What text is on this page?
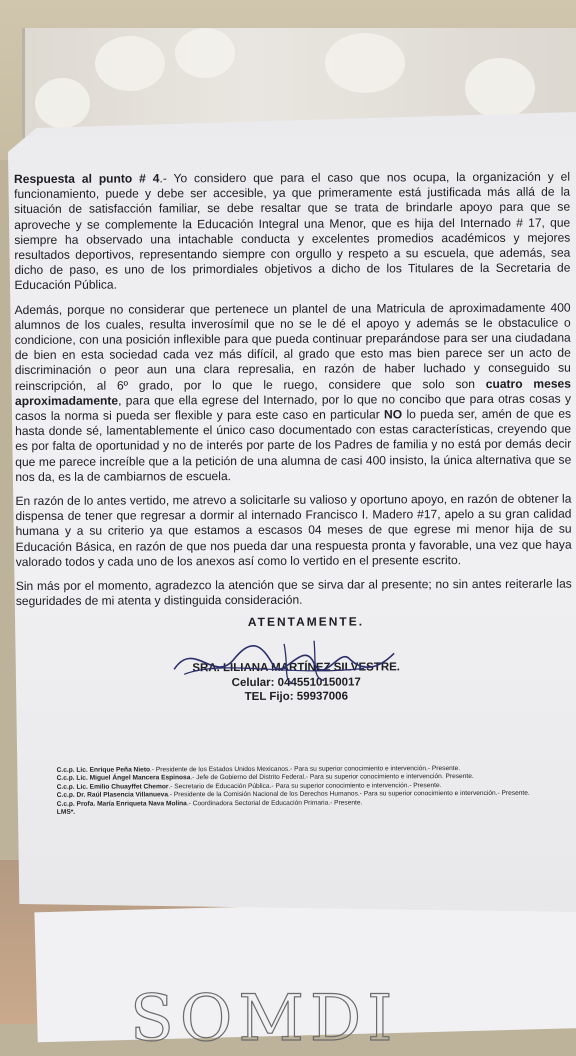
SOMDI

Respuesta al punto # 4.- Yo considero que para el caso que nos ocupa, la organización y el funcionamiento, puede y debe ser accesible, ya que primeramente está justificada más allá de la situación de satisfacción familiar, se debe resaltar que se trata de brindarle apoyo para que se aproveche y se complemente la Educación Integral una Menor, que es hija del Internado # 17, que siempre ha observado una intachable conducta y excelentes promedios académicos y mejores resultados deportivos, representando siempre con orgullo y respeto a su escuela, que además, sea dicho de paso, es uno de los primordiales objetivos a dicho de los Titulares de la Secretaria de Educación Pública.

Además, porque no considerar que pertenece un plantel de una Matricula de aproximadamente 400 alumnos de los cuales, resulta inverosímil que no se le dé el apoyo y además se le obstaculice o condicione, con una posición inflexible para que pueda continuar preparándose para ser una ciudadana de bien en esta sociedad cada vez más difícil, al grado que esto mas bien parece ser un acto de discriminación o peor aun una clara represalia, en razón de haber luchado y conseguido su reinscripción, al 6º grado, por lo que le ruego, considere que solo son cuatro meses aproximadamente, para que ella egrese del Internado, por lo que no concibo que para otras cosas y casos la norma si pueda ser flexible y para este caso en particular NO lo pueda ser, amén de que es hasta donde sé, lamentablemente el único caso documentado con estas características, creyendo que es por falta de oportunidad y no de interés por parte de los Padres de familia y no está por demás decir que me parece increíble que a la petición de una alumna de casi 400 insisto, la única alternativa que se nos da, es la de cambiarnos de escuela.

En razón de lo antes vertido, me atrevo a solicitarle su valioso y oportuno apoyo, en razón de obtener la dispensa de tener que regresar a dormir al internado Francisco I. Madero #17, apelo a su gran calidad humana y a su criterio ya que estamos a escasos 04 meses de que egrese mi menor hija de su Educación Básica, en razón de que nos pueda dar una respuesta pronta y favorable, una vez que haya valorado todos y cada uno de los anexos así como lo vertido en el presente escrito.

Sin más por el momento, agradezco la atención que se sirva dar al presente; no sin antes reiterarle las seguridades de mi atenta y distinguida consideración.

ATENTAMENTE.
SRA. LILIANA MARTÍNEZ SILVESTRE.
Celular: 0445510150017
TEL Fijo: 59937006
C.c.p. Lic. Enrique Peña Nieto.- Presidente de los Estados Unidos Mexicanos.- Para su superior conocimiento e intervención.- Presente.
C.c.p. Lic. Miguel Ángel Mancera Espinosa.- Jefe de Gobierno del Distrito Federal.- Para su superior conocimiento e intervención. Presente.
C.c.p. Lic. Emilio Chuayffet Chemor.- Secretario de Educación Pública.- Para su superior conocimiento e intervención.- Presente.
C.c.p. Dr. Raúl Plasencia Villanueva.- Presidente de la Comisión Nacional de los Derechos Humanos.- Para su superior conocimiento e intervención.- Presente.
C.c.p. Profa. María Enriqueta Nava Molina.- Coordinadora Sectorial de Educación Primaria.- Presente.
LMS*.
